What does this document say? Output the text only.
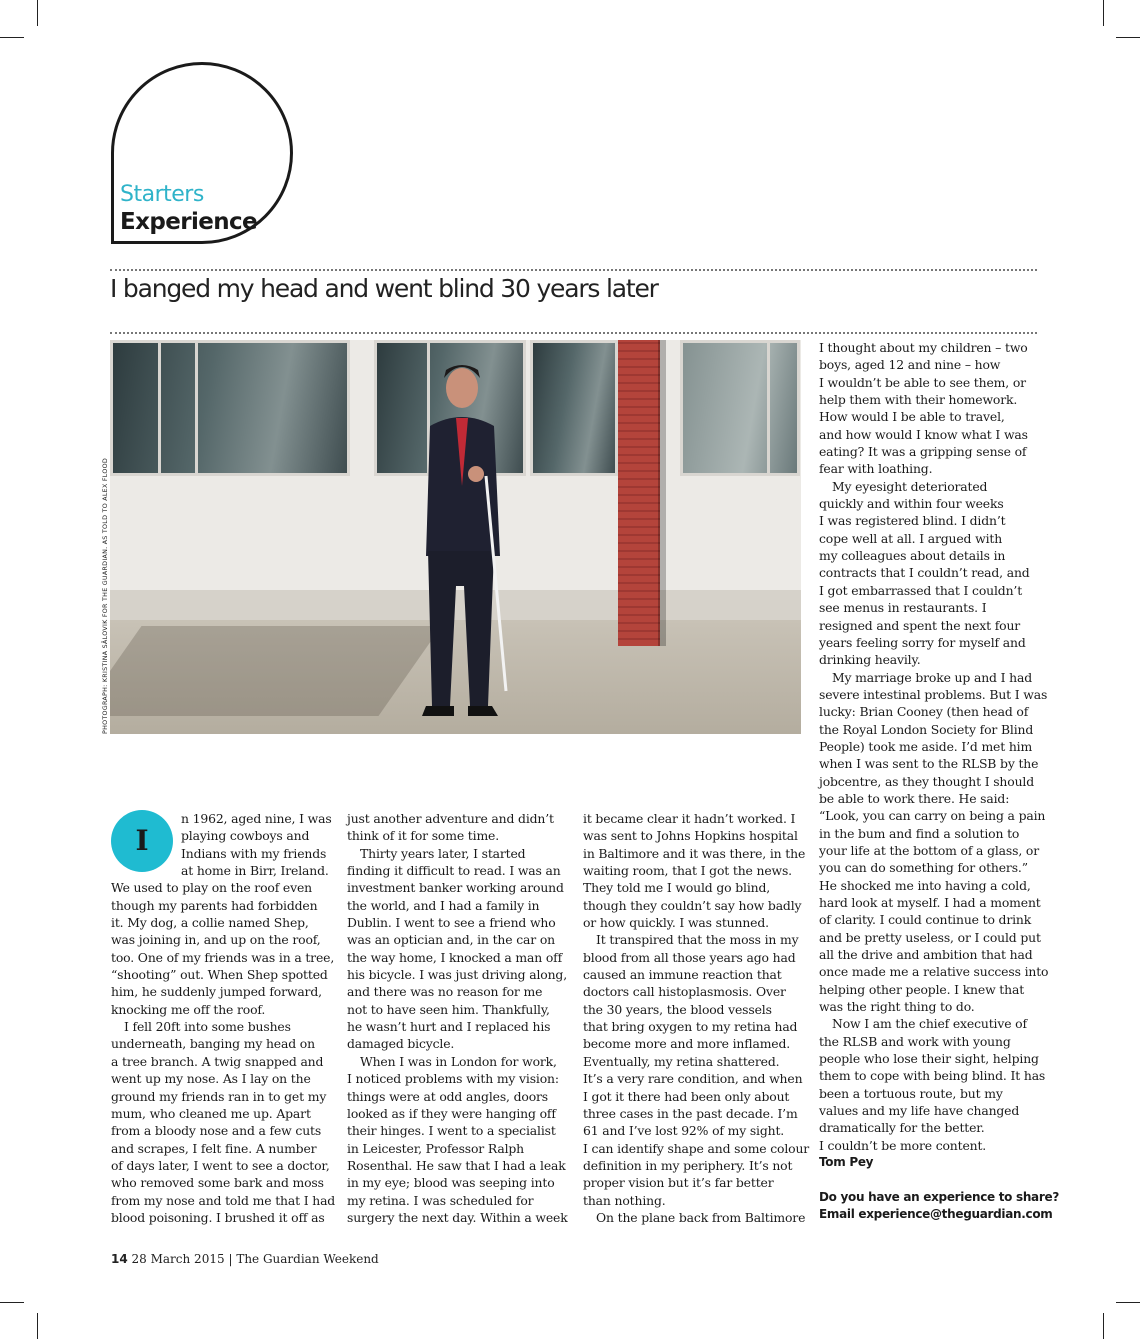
Starters
Experience
I banged my head and went blind 30 years later
PHOTOGRAPH: KRISTINA SÄLOVIK FOR THE GUARDIAN. AS TOLD TO ALEX FLOOD
I

n 1962, aged nine, I was

playing cowboys and

Indians with my friends

at home in Birr, Ireland.

We used to play on the roof even

though my parents had forbidden

it. My dog, a collie named Shep,

was joining in, and up on the roof,

too. One of my friends was in a tree,

“shooting” out. When Shep spotted

him, he suddenly jumped forward,

knocking me off the roof.

I fell 20ft into some bushes

underneath, banging my head on

a tree branch. A twig snapped and

went up my nose. As I lay on the

ground my friends ran in to get my

mum, who cleaned me up. Apart

from a bloody nose and a few cuts

and scrapes, I felt fine. A number

of days later, I went to see a doctor,

who removed some bark and moss

from my nose and told me that I had

blood poisoning. I brushed it off as

just another adventure and didn’t

think of it for some time.

Thirty years later, I started

finding it difficult to read. I was an

investment banker working around

the world, and I had a family in

Dublin. I went to see a friend who

was an optician and, in the car on

the way home, I knocked a man off

his bicycle. I was just driving along,

and there was no reason for me

not to have seen him. Thankfully,

he wasn’t hurt and I replaced his

damaged bicycle.

When I was in London for work,

I noticed problems with my vision:

things were at odd angles, doors

looked as if they were hanging off

their hinges. I went to a specialist

in Leicester, Professor Ralph

Rosenthal. He saw that I had a leak

in my eye; blood was seeping into

my retina. I was scheduled for

surgery the next day. Within a week

it became clear it hadn’t worked. I

was sent to Johns Hopkins hospital

in Baltimore and it was there, in the

waiting room, that I got the news.

They told me I would go blind,

though they couldn’t say how badly

or how quickly. I was stunned.

It transpired that the moss in my

blood from all those years ago had

caused an immune reaction that

doctors call histoplasmosis. Over

the 30 years, the blood vessels

that bring oxygen to my retina had

become more and more inflamed.

Eventually, my retina shattered.

It’s a very rare condition, and when

I got it there had been only about

three cases in the past decade. I’m

61 and I’ve lost 92% of my sight.

I can identify shape and some colour

definition in my periphery. It’s not

proper vision but it’s far better

than nothing.

On the plane back from Baltimore

I thought about my children – two

boys, aged 12 and nine – how

I wouldn’t be able to see them, or

help them with their homework.

How would I be able to travel,

and how would I know what I was

eating? It was a gripping sense of

fear with loathing.

My eyesight deteriorated

quickly and within four weeks

I was registered blind. I didn’t

cope well at all. I argued with

my colleagues about details in

contracts that I couldn’t read, and

I got embarrassed that I couldn’t

see menus in restaurants. I

resigned and spent the next four

years feeling sorry for myself and

drinking heavily.

My marriage broke up and I had

severe intestinal problems. But I was

lucky: Brian Cooney (then head of

the Royal London Society for Blind

People) took me aside. I’d met him

when I was sent to the RLSB by the

jobcentre, as they thought I should

be able to work there. He said:

“Look, you can carry on being a pain

in the bum and find a solution to

your life at the bottom of a glass, or

you can do something for others.”

He shocked me into having a cold,

hard look at myself. I had a moment

of clarity. I could continue to drink

and be pretty useless, or I could put

all the drive and ambition that had

once made me a relative success into

helping other people. I knew that

was the right thing to do.

Now I am the chief executive of

the RLSB and work with young

people who lose their sight, helping

them to cope with being blind. It has

been a tortuous route, but my

values and my life have changed

dramatically for the better.

I couldn’t be more content.

Tom Pey

Do you have an experience to share?

Email experience@theguardian.com

14 28 March 2015 | The Guardian Weekend
